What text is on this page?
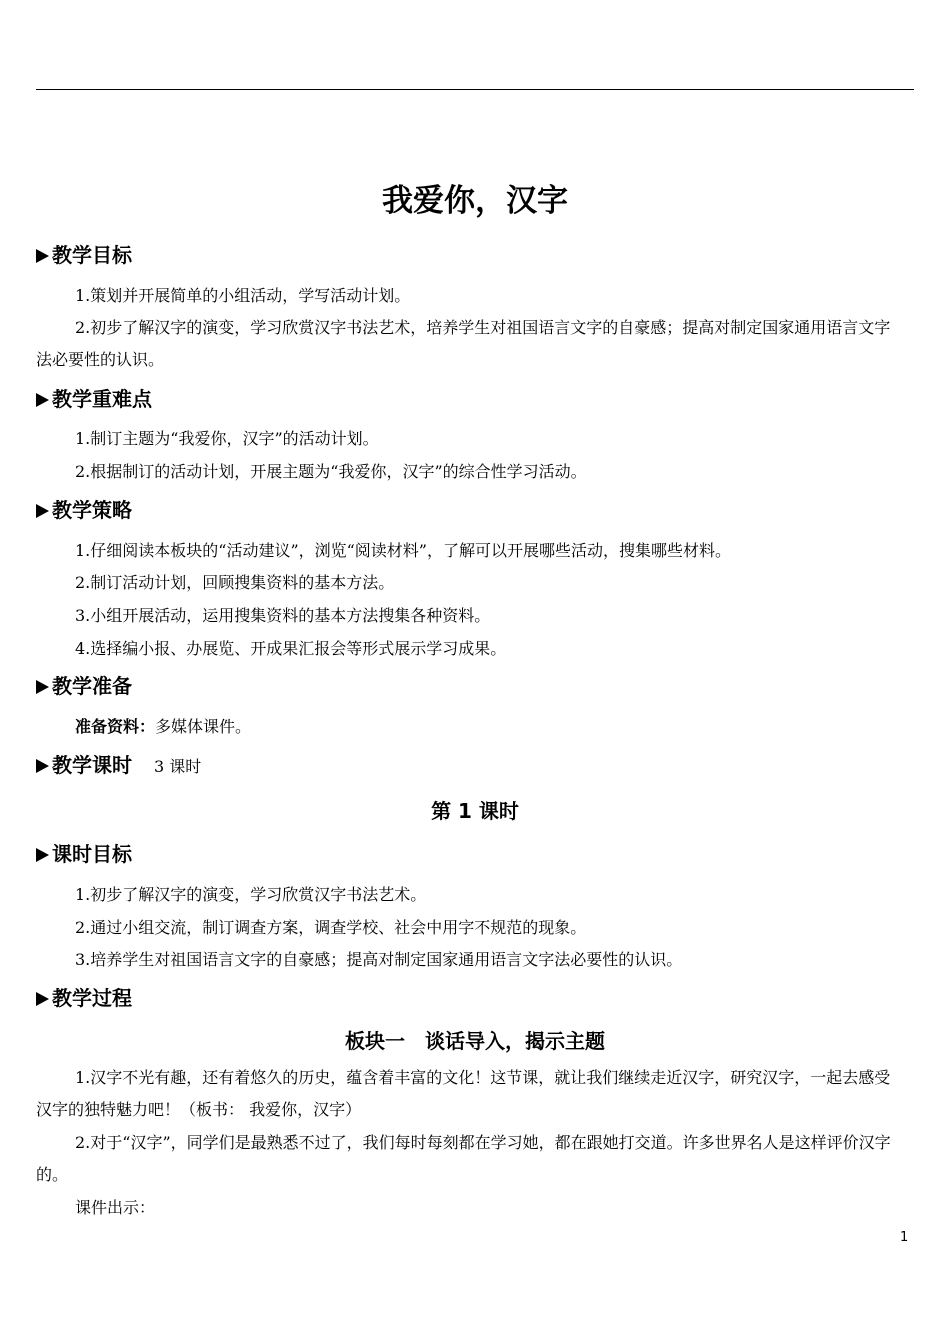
我爱你，汉字
教学目标
1.策划并开展简单的小组活动，学写活动计划。
2.初步了解汉字的演变，学习欣赏汉字书法艺术，培养学生对祖国语言文字的自豪感；提高对制定国家通用语言文字法必要性的认识。
教学重难点
1.制订主题为“我爱你，汉字”的活动计划。
2.根据制订的活动计划，开展主题为“我爱你，汉字”的综合性学习活动。
教学策略
1.仔细阅读本板块的“活动建议”，浏览“阅读材料”，了解可以开展哪些活动，搜集哪些材料。
2.制订活动计划，回顾搜集资料的基本方法。
3.小组开展活动，运用搜集资料的基本方法搜集各种资料。
4.选择编小报、办展览、开成果汇报会等形式展示学习成果。
教学准备
准备资料：多媒体课件。
教学课时 3 课时
第 1 课时
课时目标
1.初步了解汉字的演变，学习欣赏汉字书法艺术。
2.通过小组交流，制订调查方案，调查学校、社会中用字不规范的现象。
3.培养学生对祖国语言文字的自豪感；提高对制定国家通用语言文字法必要性的认识。
教学过程
板块一　谈话导入，揭示主题
1.汉字不光有趣，还有着悠久的历史，蕴含着丰富的文化！这节课，就让我们继续走近汉字，研究汉字，一起去感受汉字的独特魅力吧！（板书： 我爱你，汉字）
2.对于“汉字”，同学们是最熟悉不过了，我们每时每刻都在学习她，都在跟她打交道。许多世界名人是这样评价汉字的。
课件出示：
1
